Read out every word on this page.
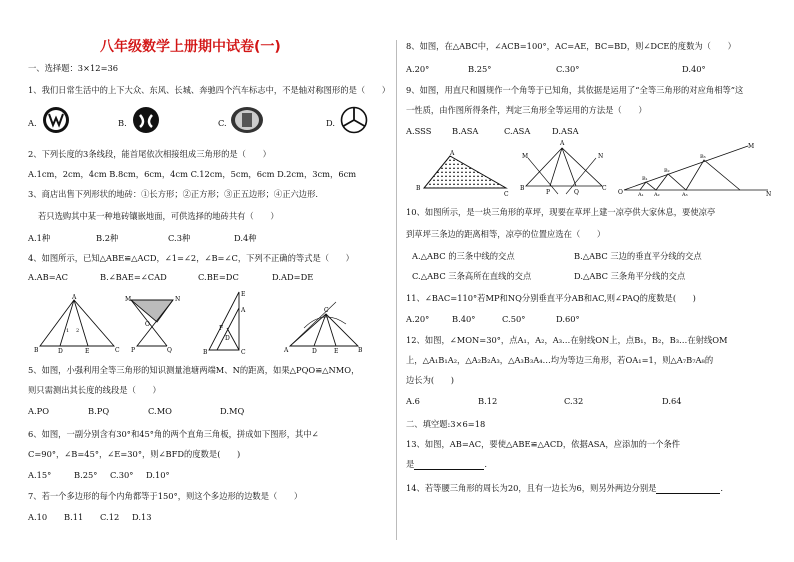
八年级数学上册期中试卷(一)
一、选择题：3×12=36
1、我们日常生活中的上下大众、东风、长城、奔驰四个汽车标志中，不是轴对称图形的是（　　）
A.	B.	C.	D.
2、下列长度的3条线段，能首尾依次相接组成三角形的是（　　）
A.1cm，2cm，4cm B.8cm，6cm，4cm C.12cm，5cm，6cm D.2cm，3cm，6cm
3、商店出售下列形状的地砖：①长方形；②正方形；③正五边形；④正六边形.
若只选购其中某一种地砖镶嵌地面，可供选择的地砖共有（　　）
A.1种	B.2种	C.3种	D.4种
4、如图所示，已知△ABE≌△ACD，∠1=∠2，∠B=∠C，下列不正确的等式是（　　）
A.AB=AC	B.∠BAE=∠CAD	C.BE=DC	D.AD=DE
A
B	C
D	E
1 2
M	N
O
P	Q
E
A
B	C
F
D
C
A	B
D	E
5、如图，小强利用全等三角形的知识测量池塘两端M、N的距离，如果△PQO≌△NMO，
则只需测出其长度的线段是（　　）
A.PO	B.PQ	C.MO	D.MQ
6、如图，一副分别含有30°和45°角的两个直角三角板，拼成如下图形，其中∠
C=90°，∠B=45°，∠E=30°，则∠BFD的度数是(　　)
A.15°	B.25° C.30° D.10°
7、若一个多边形的每个内角都等于150°，则这个多边形的边数是（　　）
A.10 B.11 C.12 D.13
8、如图，在△ABC中，∠ACB=100°，AC=AE，BC=BD，则∠DCE的度数为（　　）
A.20°	B.25°	C.30°	D.40°
9、如图，用直尺和圆规作一个角等于已知角，其依据是运用了“全等三角形的对应角相等”这
一性质，由作图所得条件，判定三角形全等运用的方法是（　　）
A.SSS B.ASA	C.ASA	D.ASA
A
B
C
A
B	C
M	N
P	Q	O
M
N
A₁ A₂	A₃
B₁
B₂
B₃
10、如图所示，是一块三角形的草坪，现要在草坪上建一凉亭供大家休息，要使凉亭
到草坪三条边的距离相等，凉亭的位置应选在（　　）
A.△ABC 的三条中线的交点	B.△ABC 三边的垂直平分线的交点
C.△ABC 三条高所在直线的交点	D.△ABC 三条角平分线的交点
11、∠BAC=110°若MP和NQ分别垂直平分AB和AC,则∠PAQ的度数是(　　)
A.20°	B.40°	C.50°	D.60°
12、如图，∠MON=30°，点A₁，A₂，A₃…在射线ON上，点B₁，B₂，B₃…在射线OM
上，△A₁B₁A₂，△A₂B₂A₃，△A₃B₃A₄…均为等边三角形，若OA₁=1，则△A₇B₇A₈的
边长为(　　)
A.6	B.12	C.32	D.64
二、填空题:3×6=18
13、如图，AB=AC，要使△ABE≌△ACD，依据ASA，应添加的一个条件
是	.
14、若等腰三角形的周长为20，且有一边长为6，则另外两边分别是	.
